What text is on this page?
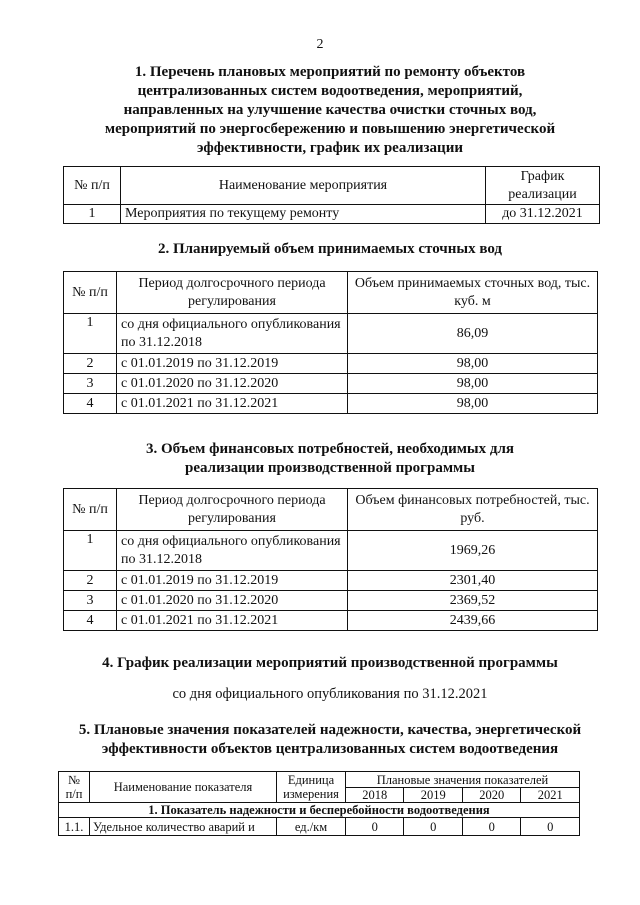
2
1. Перечень плановых мероприятий по ремонту объектов
централизованных систем водоотведения, мероприятий,
направленных на улучшение качества очистки сточных вод,
мероприятий по энергосбережению и повышению энергетической
эффективности, график их реализации
№ п/п	Наименование мероприятия	График реализации
1	Мероприятия по текущему ремонту	до 31.12.2021
2. Планируемый объем принимаемых сточных вод
№ п/п	Период долгосрочного периода регулирования	Объем принимаемых сточных вод, тыс. куб. м
1	со дня официального опубликования по 31.12.2018	86,09
2	с 01.01.2019 по 31.12.2019	98,00
3	с 01.01.2020 по 31.12.2020	98,00
4	с 01.01.2021 по 31.12.2021	98,00
3. Объем финансовых потребностей, необходимых для
реализации производственной программы
№ п/п	Период долгосрочного периода регулирования	Объем финансовых потребностей, тыс. руб.
1	со дня официального опубликования по 31.12.2018	1969,26
2	с 01.01.2019 по 31.12.2019	2301,40
3	с 01.01.2020 по 31.12.2020	2369,52
4	с 01.01.2021 по 31.12.2021	2439,66
4. График реализации мероприятий производственной программы
со дня официального опубликования по 31.12.2021
5. Плановые значения показателей надежности, качества, энергетической
эффективности объектов централизованных систем водоотведения
№ п/п	Наименование показателя	Единица измерения	Плановые значения показателей			
			2018	2019	2020	2021
1. Показатель надежности и бесперебойности водоотведения						
1.1.	Удельное количество аварий и	ед./км	0	0	0	0
